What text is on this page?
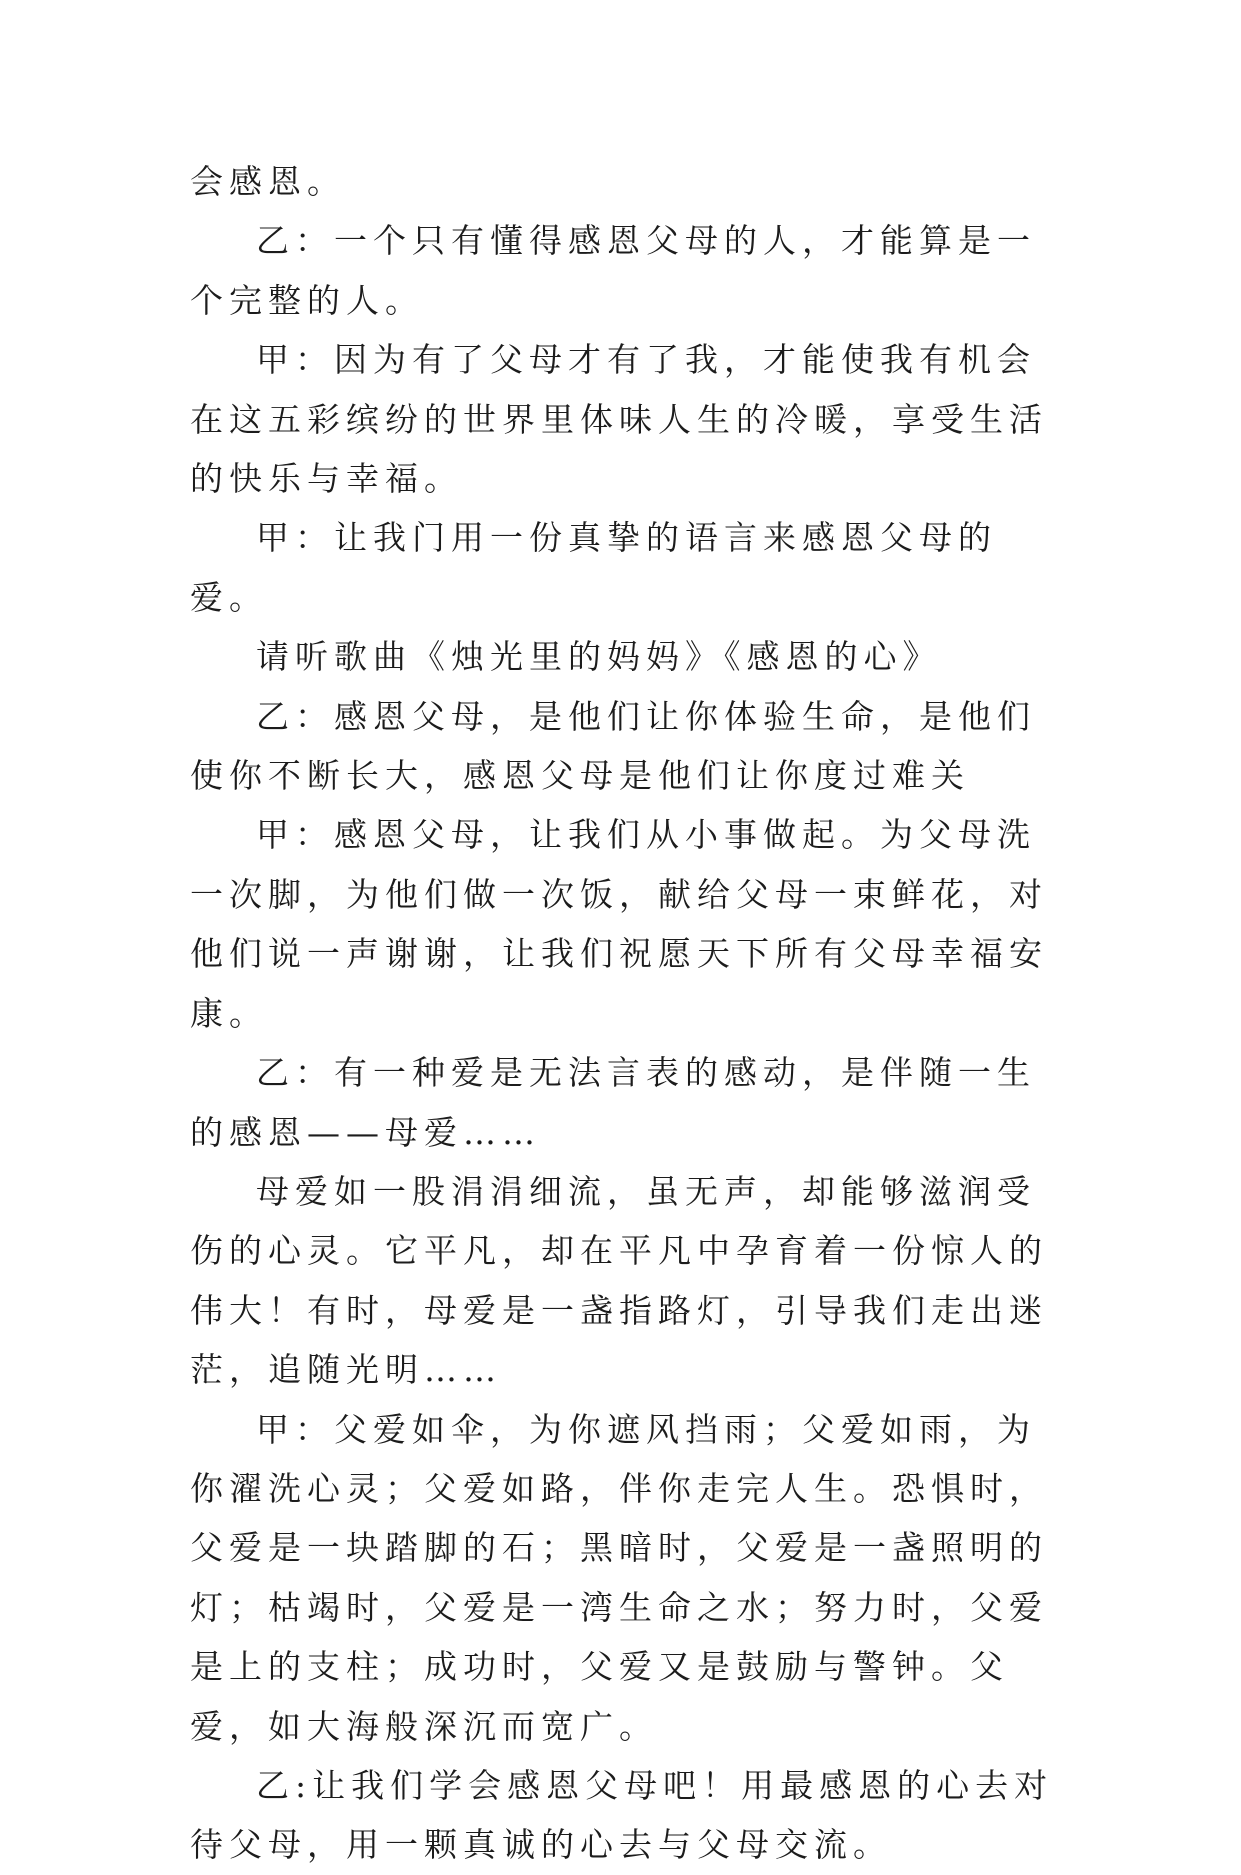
会感恩。

乙：一个只有懂得感恩父母的人，才能算是一个完整的人。

甲：因为有了父母才有了我，才能使我有机会在这五彩缤纷的世界里体味人生的冷暖，享受生活的快乐与幸福。

甲：让我门用一份真挚的语言来感恩父母的爱。

请听歌曲《烛光里的妈妈》《感恩的心》

乙：感恩父母，是他们让你体验生命，是他们使你不断长大，感恩父母是他们让你度过难关

甲：感恩父母，让我们从小事做起。为父母洗一次脚，为他们做一次饭，献给父母一束鲜花，对他们说一声谢谢，让我们祝愿天下所有父母幸福安康。

乙：有一种爱是无法言表的感动，是伴随一生的感恩——母爱……

母爱如一股涓涓细流，虽无声，却能够滋润受伤的心灵。它平凡，却在平凡中孕育着一份惊人的伟大！有时，母爱是一盏指路灯，引导我们走出迷茫，追随光明……

甲：父爱如伞，为你遮风挡雨；父爱如雨，为你濯洗心灵；父爱如路，伴你走完人生。恐惧时，父爱是一块踏脚的石；黑暗时，父爱是一盏照明的灯；枯竭时，父爱是一湾生命之水；努力时，父爱是上的支柱；成功时，父爱又是鼓励与警钟。父爱，如大海般深沉而宽广。

乙:让我们学会感恩父母吧！用最感恩的心去对待父母，用一颗真诚的心去与父母交流。
